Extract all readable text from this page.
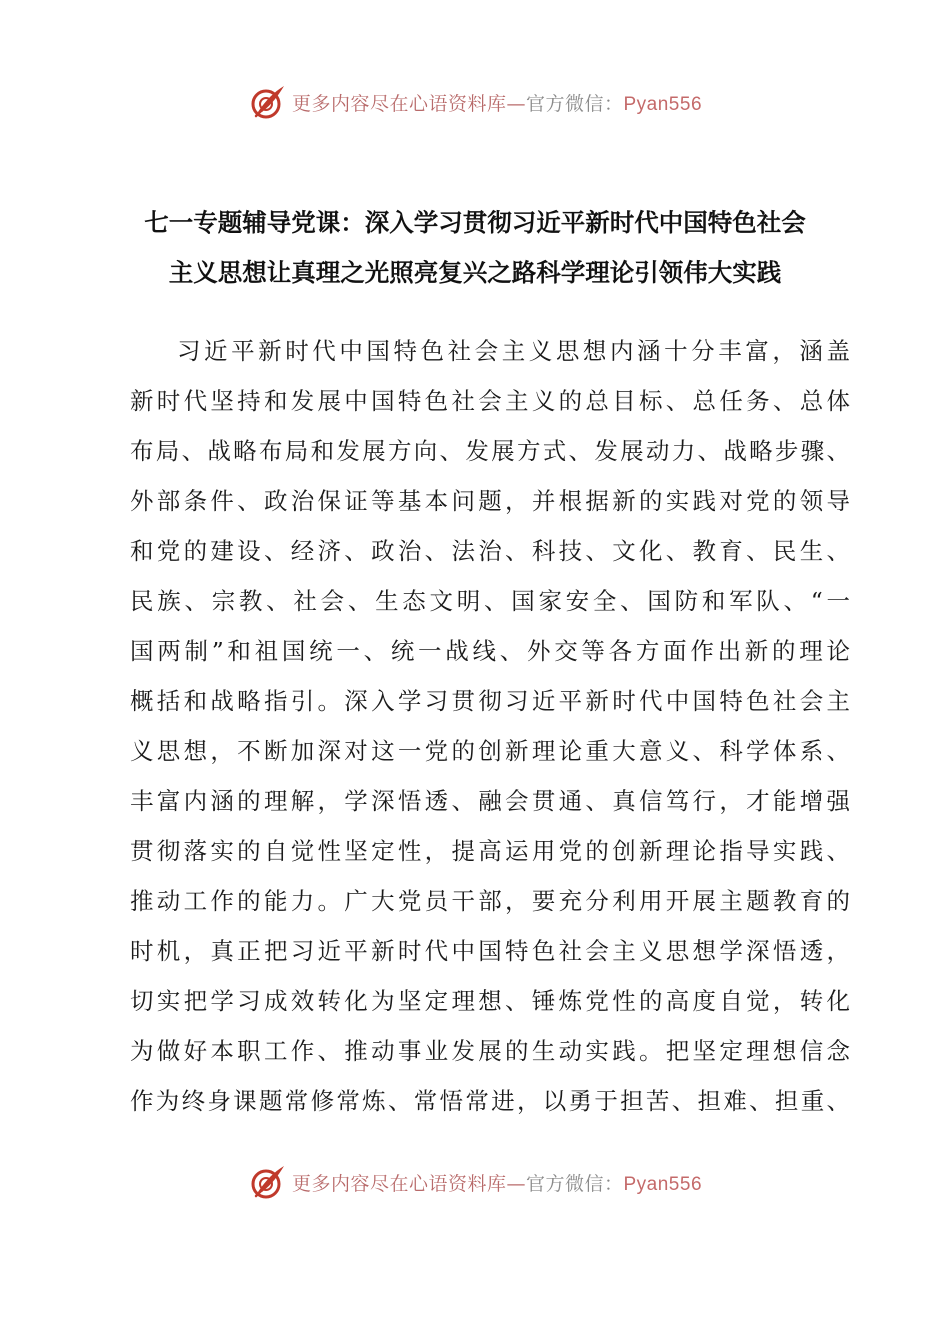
更多内容尽在心语资料库—官方微信：Pyan556
七一专题辅导党课：深入学习贯彻习近平新时代中国特色社会
主义思想让真理之光照亮复兴之路科学理论引领伟大实践
习近平新时代中国特色社会主义思想内涵十分丰富，涵盖
新时代坚持和发展中国特色社会主义的总目标、总任务、总体
布局、战略布局和发展方向、发展方式、发展动力、战略步骤、
外部条件、政治保证等基本问题，并根据新的实践对党的领导
和党的建设、经济、政治、法治、科技、文化、教育、民生、
民族、宗教、社会、生态文明、国家安全、国防和军队、“一
国两制”和祖国统一、统一战线、外交等各方面作出新的理论
概括和战略指引。深入学习贯彻习近平新时代中国特色社会主
义思想，不断加深对这一党的创新理论重大意义、科学体系、
丰富内涵的理解，学深悟透、融会贯通、真信笃行，才能增强
贯彻落实的自觉性坚定性，提高运用党的创新理论指导实践、
推动工作的能力。广大党员干部，要充分利用开展主题教育的
时机，真正把习近平新时代中国特色社会主义思想学深悟透，
切实把学习成效转化为坚定理想、锤炼党性的高度自觉，转化
为做好本职工作、推动事业发展的生动实践。把坚定理想信念
作为终身课题常修常炼、常悟常进，以勇于担苦、担难、担重、
更多内容尽在心语资料库—官方微信：Pyan556
